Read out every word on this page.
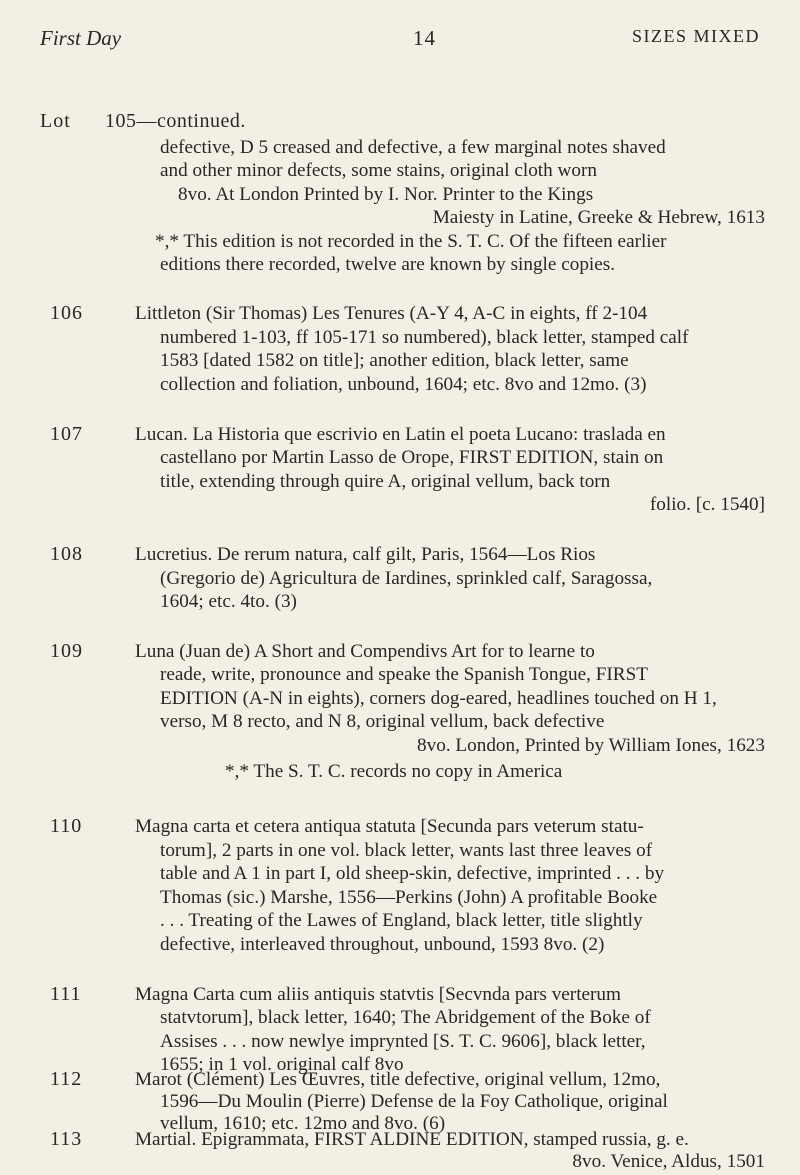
First Day	14	SIZES MIXED
Lot 105—continued.
defective, D 5 creased and defective, a few marginal notes shaved
and other minor defects, some stains, original cloth worn
8vo. At London Printed by I. Nor. Printer to the Kings
Maiesty in Latine, Greeke & Hebrew, 1613
*,* This edition is not recorded in the S. T. C. Of the fifteen earlier
editions there recorded, twelve are known by single copies.
106	Littleton (Sir Thomas) Les Tenures (A-Y 4, A-C in eights, ff 2-104
numbered 1-103, ff 105-171 so numbered), black letter, stamped calf
1583 [dated 1582 on title]; another edition, black letter, same
collection and foliation, unbound, 1604; etc. 8vo and 12mo. (3)
107	Lucan. La Historia que escrivio en Latin el poeta Lucano: traslada en
castellano por Martin Lasso de Orope, FIRST EDITION, stain on
title, extending through quire A, original vellum, back torn
folio. [c. 1540]
108	Lucretius. De rerum natura, calf gilt, Paris, 1564—Los Rios
(Gregorio de) Agricultura de Iardines, sprinkled calf, Saragossa,
1604; etc. 4to. (3)
109	Luna (Juan de) A Short and Compendivs Art for to learne to
reade, write, pronounce and speake the Spanish Tongue, FIRST
EDITION (A-N in eights), corners dog-eared, headlines touched on H 1,
verso, M 8 recto, and N 8, original vellum, back defective
8vo. London, Printed by William Iones, 1623
*,* The S. T. C. records no copy in America
110	Magna carta et cetera antiqua statuta [Secunda pars veterum statu-
torum], 2 parts in one vol. black letter, wants last three leaves of
table and A 1 in part I, old sheep-skin, defective, imprinted . . . by
Thomas (sic.) Marshe, 1556—Perkins (John) A profitable Booke
. . . Treating of the Lawes of England, black letter, title slightly
defective, interleaved throughout, unbound, 1593 8vo. (2)
111	Magna Carta cum aliis antiquis statvtis [Secvnda pars verterum
statvtorum], black letter, 1640; The Abridgement of the Boke of
Assises . . . now newlye imprynted [S. T. C. 9606], black letter,
1655; in 1 vol. original calf 8vo
112	Marot (Clément) Les Œuvres, title defective, original vellum, 12mo,
1596—Du Moulin (Pierre) Defense de la Foy Catholique, original
vellum, 1610; etc. 12mo and 8vo. (6)
113	Martial. Epigrammata, FIRST ALDINE EDITION, stamped russia, g. e.
8vo. Venice, Aldus, 1501
